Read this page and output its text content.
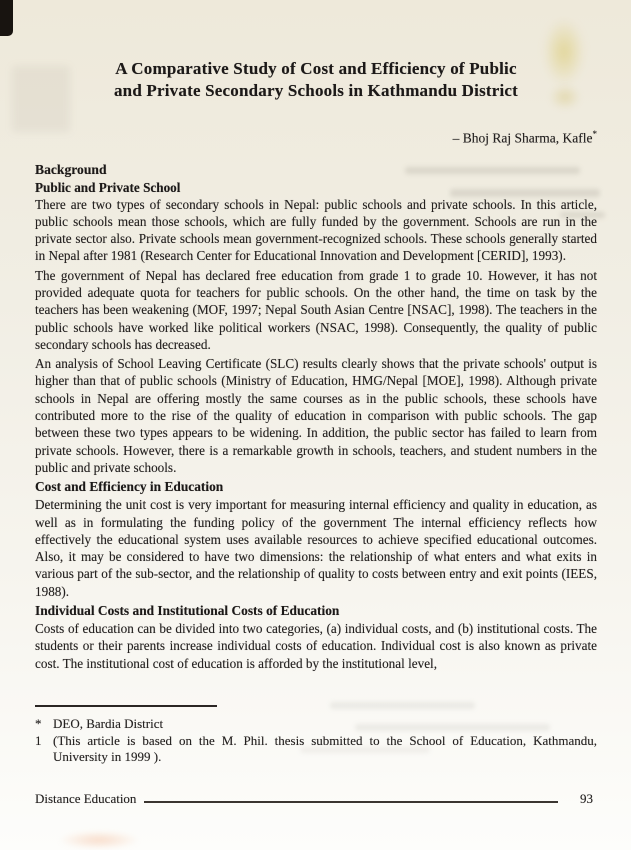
A Comparative Study of Cost and Efficiency of Public
and Private Secondary Schools in Kathmandu District

– Bhoj Raj Sharma, Kafle*

Background
Public and Private School

There are two types of secondary schools in Nepal: public schools and private schools. In this article, public schools mean those schools, which are fully funded by the government. Schools are run in the private sector also. Private schools mean government-recognized schools. These schools generally started in Nepal after 1981 (Research Center for Educational Innovation and Development [CERID], 1993).

The government of Nepal has declared free education from grade 1 to grade 10. However, it has not provided adequate quota for teachers for public schools. On the other hand, the time on task by the teachers has been weakening (MOF, 1997; Nepal South Asian Centre [NSAC], 1998). The teachers in the public schools have worked like political workers (NSAC, 1998). Consequently, the quality of public secondary schools has decreased.

An analysis of School Leaving Certificate (SLC) results clearly shows that the private schools' output is higher than that of public schools (Ministry of Education, HMG/Nepal [MOE], 1998). Although private schools in Nepal are offering mostly the same courses as in the public schools, these schools have contributed more to the rise of the quality of education in comparison with public schools. The gap between these two types appears to be widening. In addition, the public sector has failed to learn from private schools. However, there is a remarkable growth in schools, teachers, and student numbers in the public and private schools.

Cost and Efficiency in Education

Determining the unit cost is very important for measuring internal efficiency and quality in education, as well as in formulating the funding policy of the government The internal efficiency reflects how effectively the educational system uses available resources to achieve specified educational outcomes. Also, it may be considered to have two dimensions: the relationship of what enters and what exits in various part of the sub-sector, and the relationship of quality to costs between entry and exit points (IEES, 1988).

Individual Costs and Institutional Costs of Education

Costs of education can be divided into two categories, (a) individual costs, and (b) institutional costs. The students or their parents increase individual costs of education. Individual cost is also known as private cost. The institutional cost of education is afforded by the institutional level,

* DEO, Bardia District
1 (This article is based on the M. Phil. thesis submitted to the School of Education, Kathmandu, University in 1999 ).
Distance Education	93
